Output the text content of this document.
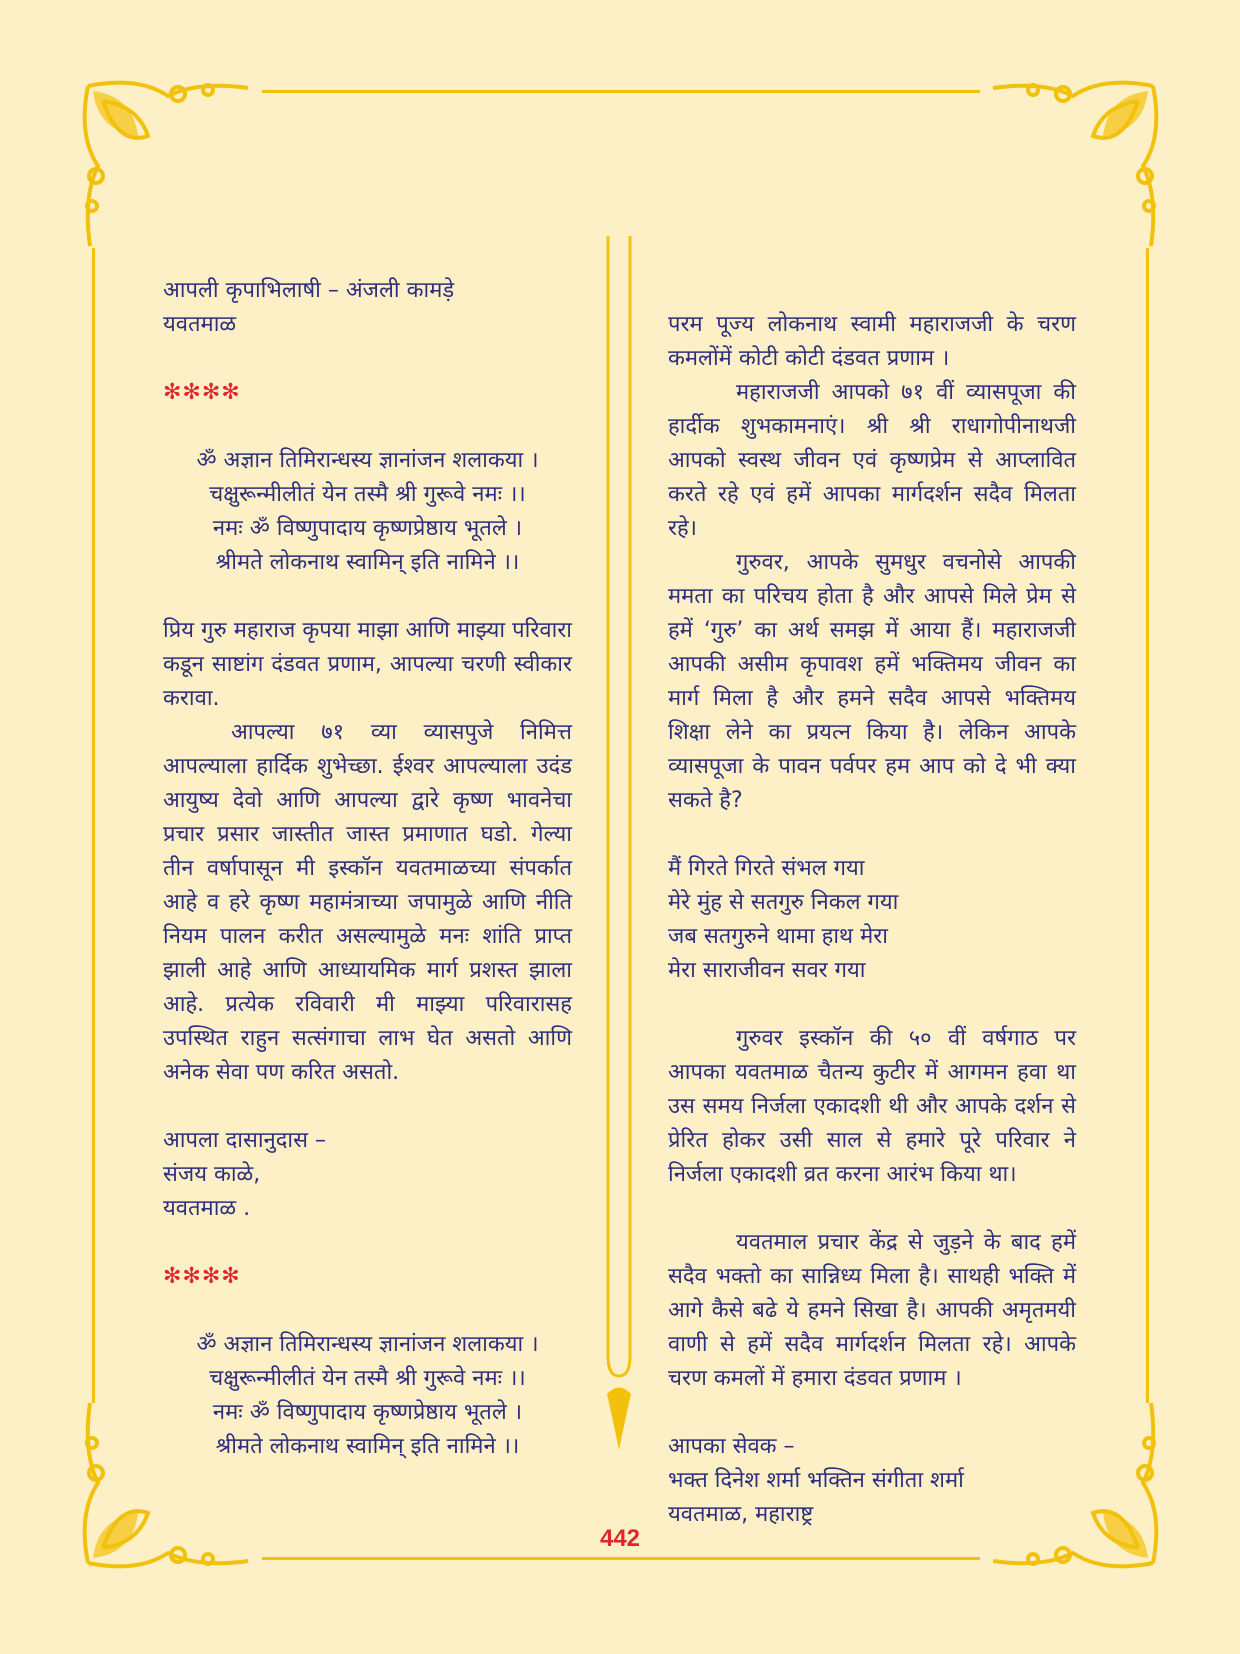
आपली कृपाभिलाषी – अंजली कामड़े
यवतमाळ
✻✻✻✻
ॐ अज्ञान तिमिरान्धस्य ज्ञानांजन शलाकया ।
चक्षुरून्मीलीतं येन तस्मै श्री गुरूवे नमः ।।
नमः ॐ विष्णुपादाय कृष्णप्रेष्ठाय भूतले ।
श्रीमते लोकनाथ स्वामिन् इति नामिने ।।

प्रिय गुरु महाराज कृपया माझा आणि माझ्या परिवारा कडून साष्टांग दंडवत प्रणाम, आपल्या चरणी स्वीकार करावा.

आपल्या ७१ व्या व्यासपुजे निमित्त आपल्याला हार्दिक शुभेच्छा. ईश्वर आपल्याला उदंड आयुष्य देवो आणि आपल्या द्वारे कृष्ण भावनेचा प्रचार प्रसार जास्तीत जास्त प्रमाणात घडो. गेल्या तीन वर्षापासून मी इस्कॉन यवतमाळच्या संपर्कात आहे व हरे कृष्ण महामंत्राच्या जपामुळे आणि नीति नियम पालन करीत असल्यामुळे मनः शांति प्राप्त झाली आहे आणि आध्यायमिक मार्ग प्रशस्त झाला आहे. प्रत्येक रविवारी मी माझ्या परिवारासह उपस्थित राहुन सत्संगाचा लाभ घेत असतो आणि अनेक सेवा पण करित असतो.

आपला दासानुदास –
संजय काळे,
यवतमाळ .
✻✻✻✻
ॐ अज्ञान तिमिरान्धस्य ज्ञानांजन शलाकया ।
चक्षुरून्मीलीतं येन तस्मै श्री गुरूवे नमः ।।
नमः ॐ विष्णुपादाय कृष्णप्रेष्ठाय भूतले ।
श्रीमते लोकनाथ स्वामिन् इति नामिने ।।

परम पूज्य लोकनाथ स्वामी महाराजजी के चरण कमलोंमें कोटी कोटी दंडवत प्रणाम ।

महाराजजी आपको ७१ वीं व्यासपूजा की हार्दीक शुभकामनाएं। श्री श्री राधागोपीनाथजी आपको स्वस्थ जीवन एवं कृष्णप्रेम से आप्लावित करते रहे एवं हमें आपका मार्गदर्शन सदैव मिलता रहे।

गुरुवर, आपके सुमधुर वचनोसे आपकी ममता का परिचय होता है और आपसे मिले प्रेम से हमें ‘गुरु’ का अर्थ समझ में आया हैं। महाराजजी आपकी असीम कृपावश हमें भक्तिमय जीवन का मार्ग मिला है और हमने सदैव आपसे भक्तिमय शिक्षा लेने का प्रयत्न किया है। लेकिन आपके व्यासपूजा के पावन पर्वपर हम आप को दे भी क्या सकते है?

मैं गिरते गिरते संभल गया
मेरे मुंह से सतगुरु निकल गया
जब सतगुरुने थामा हाथ मेरा
मेरा साराजीवन सवर गया

गुरुवर इस्कॉन की ५० वीं वर्षगाठ पर आपका यवतमाळ चैतन्य कुटीर में आगमन हवा था उस समय निर्जला एकादशी थी और आपके दर्शन से प्रेरित होकर उसी साल से हमारे पूरे परिवार ने निर्जला एकादशी व्रत करना आरंभ किया था।

यवतमाल प्रचार केंद्र से जुड़ने के बाद हमें सदैव भक्तो का सान्निध्य मिला है। साथही भक्ति में आगे कैसे बढे ये हमने सिखा है। आपकी अमृतमयी वाणी से हमें सदैव मार्गदर्शन मिलता रहे। आपके चरण कमलों में हमारा दंडवत प्रणाम ।

आपका सेवक –
भक्त दिनेश शर्मा भक्तिन संगीता शर्मा
यवतमाळ, महाराष्ट्र
442
